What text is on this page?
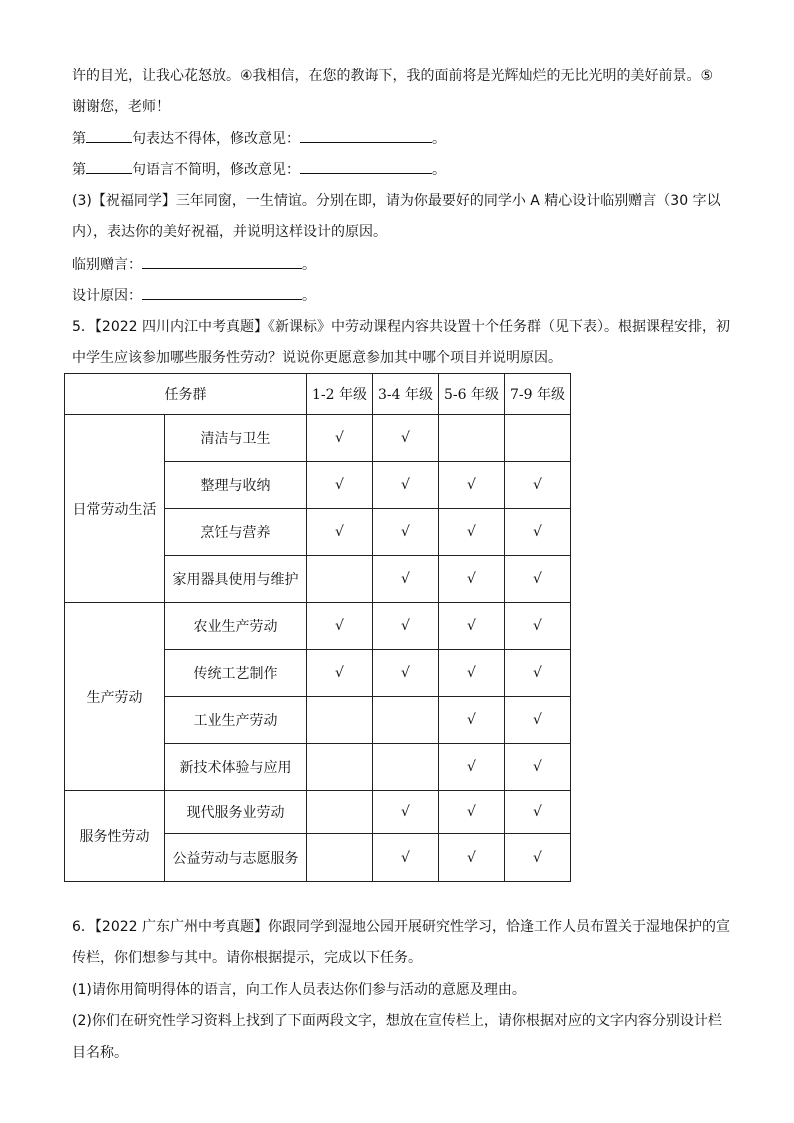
许的目光，让我心花怒放。④我相信，在您的教诲下，我的面前将是光辉灿烂的无比光明的美好前景。⑤
谢谢您，老师！
第	句表达不得体，修改意见：	。
第	句语言不简明，修改意见：	。
(3)【祝福同学】三年同窗，一生情谊。分别在即，请为你最要好的同学小 A 精心设计临别赠言（30 字以
内），表达你的美好祝福，并说明这样设计的原因。
临别赠言：	。
设计原因：	。
5．【2022 四川内江中考真题】《新课标》中劳动课程内容共设置十个任务群（见下表）。根据课程安排，初
中学生应该参加哪些服务性劳动？说说你更愿意参加其中哪个项目并说明原因。
任务群		1-2 年级	3-4 年级	5-6 年级	7-9 年级
日常劳动生活	清洁与卫生	√	√		
	整理与收纳	√	√	√	√
	烹饪与营养	√	√	√	√
	家用器具使用与维护		√	√	√
生产劳动	农业生产劳动	√	√	√	√
	传统工艺制作	√	√	√	√
	工业生产劳动			√	√
	新技术体验与应用			√	√
服务性劳动	现代服务业劳动		√	√	√
	公益劳动与志愿服务		√	√	√
6．【2022 广东广州中考真题】你跟同学到湿地公园开展研究性学习，恰逢工作人员布置关于湿地保护的宣
传栏，你们想参与其中。请你根据提示，完成以下任务。
(1)请你用简明得体的语言，向工作人员表达你们参与活动的意愿及理由。
(2)你们在研究性学习资料上找到了下面两段文字，想放在宣传栏上，请你根据对应的文字内容分别设计栏
目名称。
